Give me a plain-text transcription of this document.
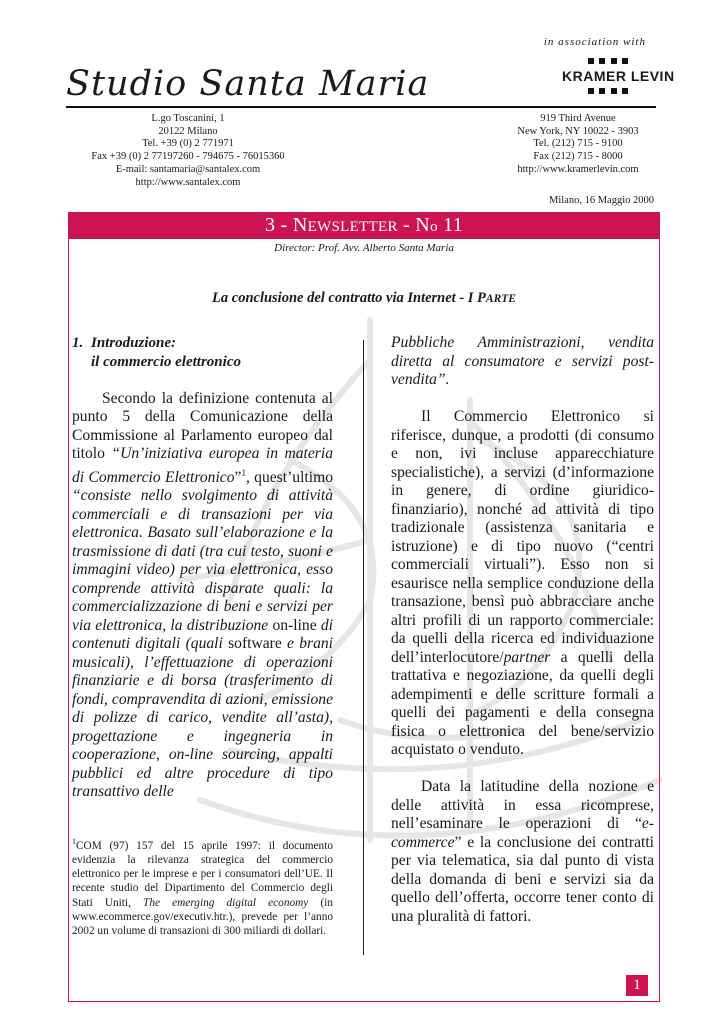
in association with
Studio Santa Maria	KRAMER LEVIN
L.go Toscanini, 1
20122 Milano
Tel. +39 (0) 2 771971
Fax +39 (0) 2 77197260 - 794675 - 76015360
E-mail: santamaria@santalex.com
http://www.santalex.com
919 Third Avenue
New York, NY 10022 - 3903
Tel. (212) 715 - 9100
Fax (212) 715 - 8000
http://www.kramerlevin.com
Milano, 16 Maggio 2000
3 - NEWSLETTER - No 11
Director: Prof. Avv. Alberto Santa Maria
La conclusione del contratto via Internet - I PARTE
1. Introduzione:
il commercio elettronico

Secondo la definizione contenuta al punto 5 della Comunicazione della Commissione al Parlamento europeo dal titolo “Un’iniziativa europea in materia di Commercio Elettronico”$^1$, quest’ultimo “consiste nello svolgimento di attività commerciali e di transazioni per via elettronica. Basato sull’elaborazione e la trasmissione di dati (tra cui testo, suoni e immagini video) per via elettronica, esso comprende attività disparate quali: la commercializzazione di beni e servizi per via elettronica, la distribuzione on-line di contenuti digitali (quali software e brani musicali), l’effettuazione di operazioni finanziarie e di borsa (trasferimento di fondi, compravendita di azioni, emissione di polizze di carico, vendite all’asta), progettazione e ingegneria in cooperazione, on-line sourcing, appalti pubblici ed altre procedure di tipo transattivo delle

$^1$COM (97) 157 del 15 aprile 1997: il documento evidenzia la rilevanza strategica del commercio elettronico per le imprese e per i consumatori dell’UE. Il recente studio del Dipartimento del Commercio degli Stati Uniti, The emerging digital economy (in www.ecommerce.gov/executiv.htr.), prevede per l’anno 2002 un volume di transazioni di 300 miliardi di dollari.

Pubbliche Amministrazioni, vendita diretta al consumatore e servizi post-vendita”.

Il Commercio Elettronico si riferisce, dunque, a prodotti (di consumo e non, ivi incluse apparecchiature specialistiche), a servizi (d’informazione in genere, di ordine giuridico-finanziario), nonché ad attività di tipo tradizionale (assistenza sanitaria e istruzione) e di tipo nuovo (“centri commerciali virtuali”). Esso non si esaurisce nella semplice conduzione della transazione, bensì può abbracciare anche altri profili di un rapporto commerciale: da quelli della ricerca ed individuazione dell’interlocutore/partner a quelli della trattativa e negoziazione, da quelli degli adempimenti e delle scritture formali a quelli dei pagamenti e della consegna fisica o elettronica del bene/servizio acquistato o venduto.

Data la latitudine della nozione e delle attività in essa ricomprese, nell’esaminare le operazioni di “e-commerce” e la conclusione dei contratti per via telematica, sia dal punto di vista della domanda di beni e servizi sia da quello dell’offerta, occorre tener conto di una pluralità di fattori.

1
